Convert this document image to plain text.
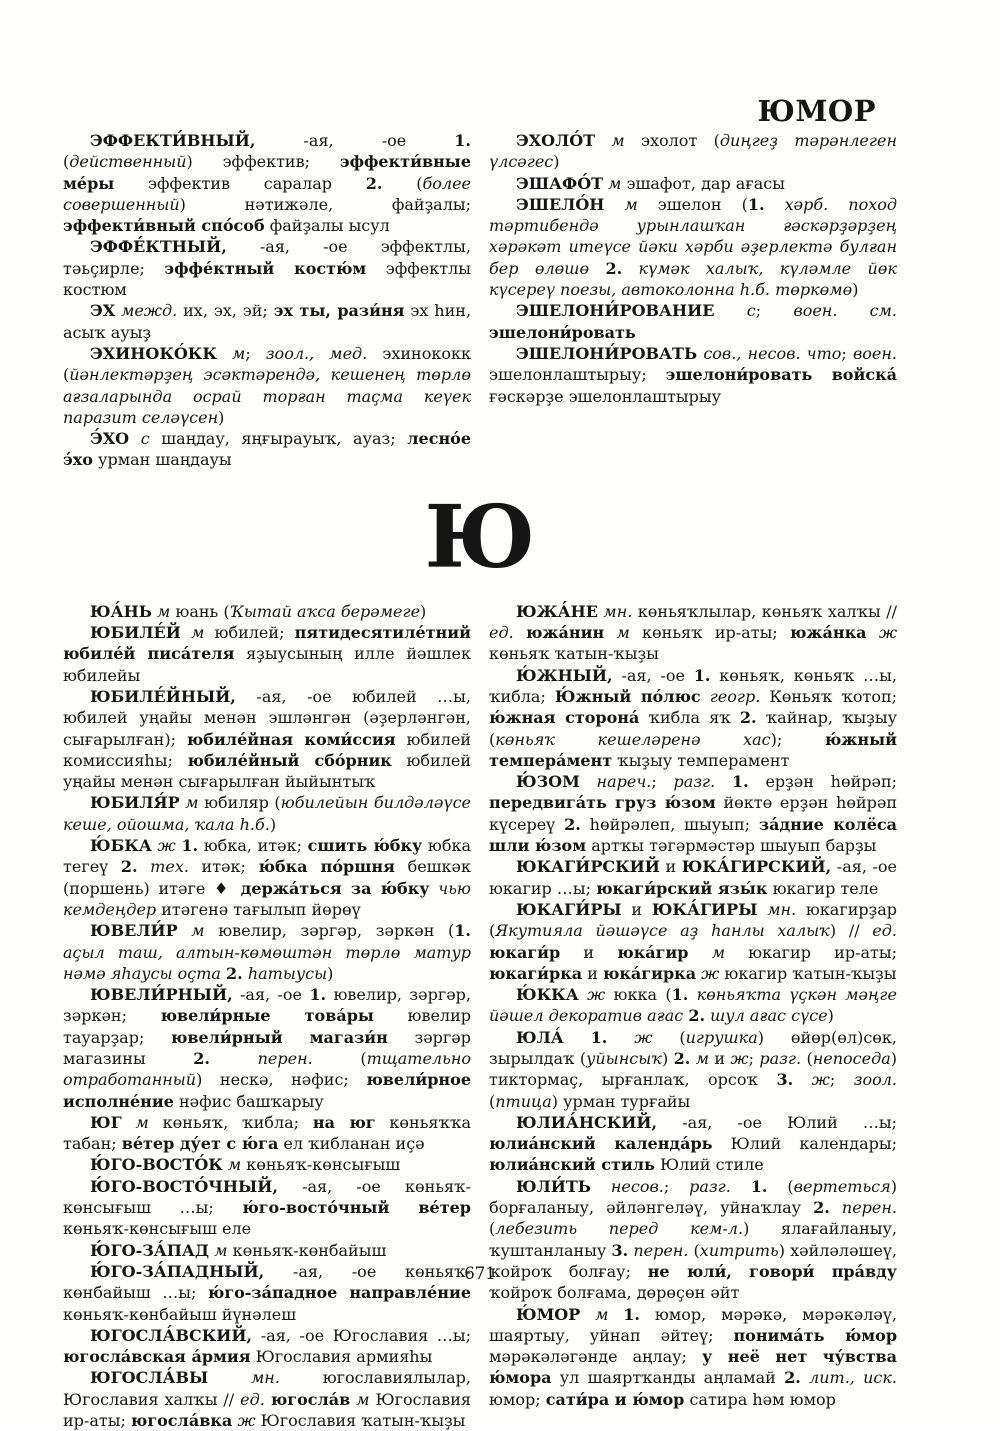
ЮМОР

ЭФФЕКТИ́ВНЫЙ, -ая, -ое 1. (действенный) эффектив; эффекти́вные ме́ры эффектив саралар 2. (более совершенный) нәтижәле, файҙалы; эффекти́вный спо́соб файҙалы ысул

ЭФФЕ́КТНЫЙ, -ая, -ое эффектлы, тәьҫирле; эффе́ктный костю́м эффектлы костюм

ЭХ межд. их, эх, эй; эх ты, рази́ня эх һин, асыҡ ауыҙ

ЭХИНОКО́КК м; зоол., мед. эхинококк (йәнлектәрҙең эсәктәрендә, кешенең төрлө ағзаларында осрай торған таҫма кеүек паразит селәүсен)

Э́ХО с шаңдау, яңғырауыҡ, ауаз; лесно́е э́хо урман шаңдауы

ЭХОЛО́Т м эхолот (диңгеҙ тәрәнлеген үлсәгес)

ЭШАФО́Т м эшафот, дар ағасы

ЭШЕЛО́Н м эшелон (1. хәрб. поход тәртибендә урынлашҡан ғәскәрҙәрҙең хәрәкәт итеүсе йәки хәрби әҙерлектә булған бер өлөшө 2. күмәк халыҡ, күләмле йөк күсереү поезы, автоколонна һ.б. төркөмө)

ЭШЕЛОНИ́РОВАНИЕ с; воен. см. эшелони́ровать

ЭШЕЛОНИ́РОВАТЬ сов., несов. что; воен. эшелонлаштырыу; эшелони́ровать войска́ ғәскәрҙе эшелонлаштырыу

Ю

ЮА́НЬ м юань (Ҡытай аҡса берәмеге)

ЮБИЛЕ́Й м юбилей; пятидесятиле́тний юбиле́й писа́теля яҙыусының илле йәшлек юбилейы

ЮБИЛЕ́ЙНЫЙ, -ая, -ое юбилей …ы, юбилей уңайы менән эшләнгән (әҙерләнгән, сығарылған); юбиле́йная коми́ссия юбилей комиссияһы; юбиле́йный сбо́рник юбилей уңайы менән сығарылған йыйынтыҡ

ЮБИЛЯ́Р м юбиляр (юбилейын билдәләүсе кеше, ойошма, ҡала һ.б.)

Ю́БКА ж 1. юбка, итәк; сшить ю́бку юбка тегеү 2. тех. итәк; ю́бка по́ршня бешкәк (поршень) итәге ♦ держа́ться за ю́бку чью кемдеңдер итәгенә тағылып йөрөү

ЮВЕЛИ́Р м ювелир, зәргәр, зәркән (1. аҫыл таш, алтын-көмөштән төрлө матур нәмә яһаусы оҫта 2. һатыусы)

ЮВЕЛИ́РНЫЙ, -ая, -ое 1. ювелир, зәргәр, зәркән; ювели́рные това́ры ювелир тауарҙар; ювели́рный магази́н зәргәр магазины 2.	перен. (тщательно отработанный) нескә, нәфис; ювели́рное исполне́ние нәфис башҡарыу

ЮГ м көньяҡ, ҡибла; на юг көньяҡҡа табан; ве́тер ду́ет с ю́га ел ҡибланан иҫә

Ю́ГО-ВОСТО́К м көньяҡ-көнсығыш

Ю́ГО-ВОСТО́ЧНЫЙ, -ая, -ое көньяҡ-көнсығыш …ы; ю́го-восто́чный ве́тер көньяҡ-көнсығыш еле

Ю́ГО-ЗА́ПАД м көньяҡ-көнбайыш

Ю́ГО-ЗА́ПАДНЫЙ, -ая, -ое көньяҡ-көнбайыш …ы; ю́го-за́падное направле́ние көньяҡ-көнбайыш йүнәлеш

ЮГОСЛА́ВСКИЙ, -ая, -ое Югославия …ы; югосла́вская а́рмия Югославия армияһы

ЮГОСЛА́ВЫ	мн. югославиялылар, Югославия халҡы // ед. югосла́в м Югославия ир-аты; югосла́вка ж Югославия ҡатын-ҡыҙы

ЮЖА́НЕ мн. көньяҡлылар, көньяҡ халҡы // ед. южа́нин м көньяҡ ир-аты; южа́нка ж көньяҡ ҡатын-ҡыҙы

Ю́ЖНЫЙ, -ая, -ое 1. көньяҡ, көньяҡ …ы, ҡибла; Ю́жный по́люс геогр. Көньяҡ ҡотоп; ю́жная сторона́ ҡибла яҡ 2. ҡайнар, ҡыҙыу (көньяҡ кешеләренә хас); ю́жный темпера́мент ҡыҙыу темперамент

Ю́ЗОМ нареч.; разг. 1. ерҙән һөйрәп; передвига́ть груз ю́зом йөктө ерҙән һөйрәп күсереү 2. һөйрәлеп, шыуып; за́дние колёса шли ю́зом артҡы тәгәрмәстәр шыуып барҙы

ЮКАГИ́РСКИЙ и ЮКА́ГИРСКИЙ, -ая, -ое юкагир …ы; юкаги́рский язы́к юкагир теле

ЮКАГИ́РЫ и ЮКА́ГИРЫ мн. юкагирҙар (Якутияла йәшәүсе аҙ һанлы халыҡ) // ед. юкаги́р и юка́гир м юкагир ир-аты; юкаги́рка и юка́гирка ж юкагир ҡатын-ҡыҙы

Ю́ККА ж юкка (1. көньяҡта үҫкән мәңге йәшел декоратив ағас 2. шул ағас сүсе)

ЮЛА́ 1. ж (игрушка) өйөр(өл)сөк, зырылдаҡ (уйынсыҡ) 2. м и ж; разг. (непоседа) тиктормаҫ, ырғанлаҡ, орсоҡ 3. ж; зоол. (птица) урман турғайы

ЮЛИА́НСКИЙ, -ая, -ое Юлий …ы; юлиа́нский календа́рь Юлий календары; юлиа́нский стиль Юлий стиле

ЮЛИ́ТЬ несов.; разг. 1. (вертеться) борғаланыу, әйләнгеләү, уйнаҡлау 2. перен. (лебезить перед кем-л.) ялағайланыу, ҡуштанланыу 3. перен. (хитрить) хәйләләшеү, ҡойроҡ болғау; не юли́, говори́ пра́вду ҡойроҡ болғама, дөрөҫөн әйт

Ю́МОР м 1. юмор, мәрәкә, мәрәкәләү, шаяртыу, уйнап әйтеү; понима́ть ю́мор мәрәкәләгәнде аңлау; у неё нет чу́вства ю́мора ул шаяртҡанды аңламай 2. лит., иск. юмор; сати́ра и ю́мор сатира һәм юмор

671
